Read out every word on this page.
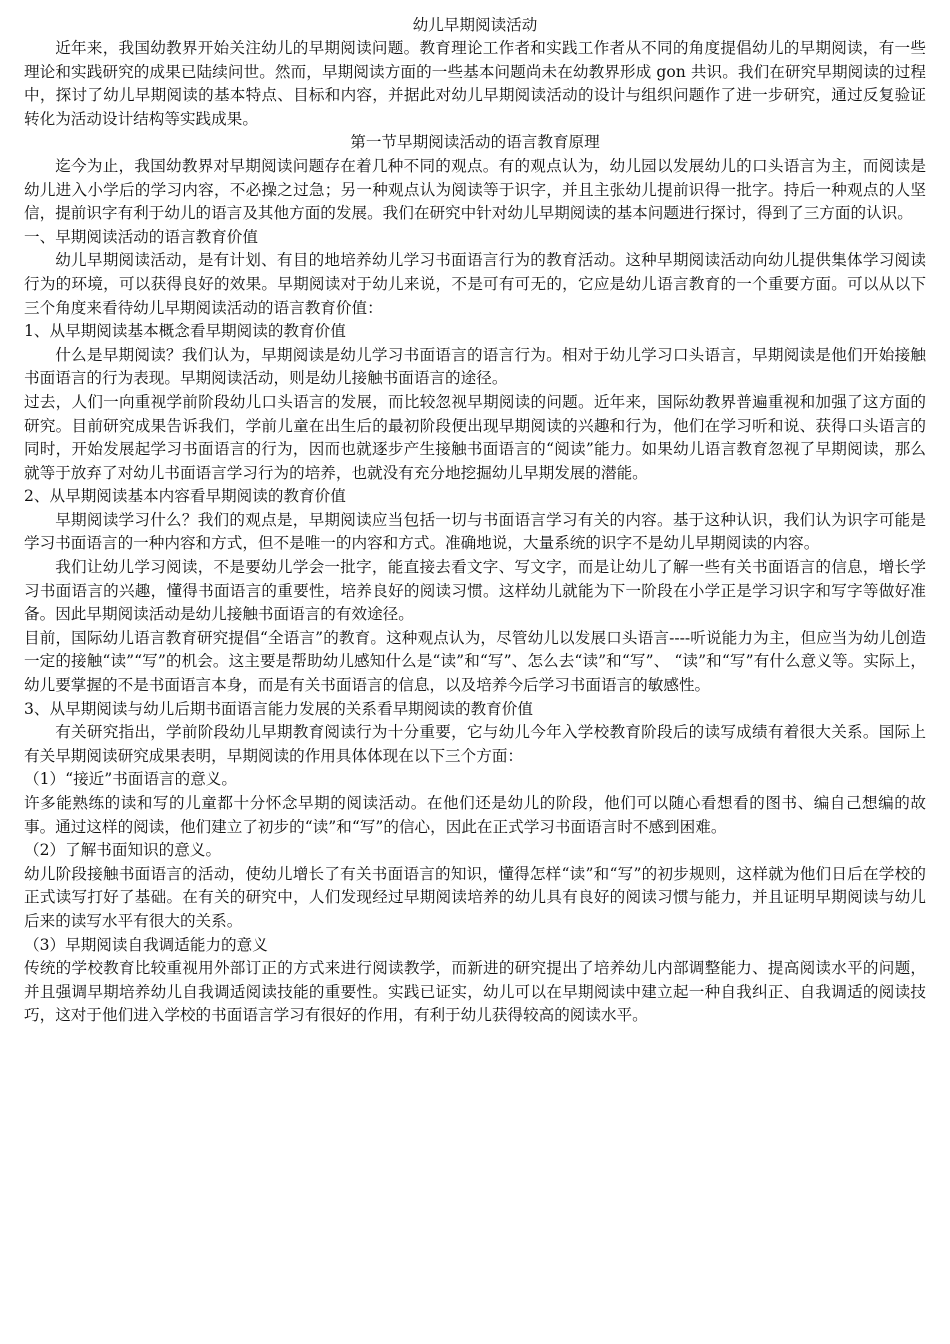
幼儿早期阅读活动

近年来，我国幼教界开始关注幼儿的早期阅读问题。教育理论工作者和实践工作者从不同的角度提倡幼儿的早期阅读，有一些理论和实践研究的成果已陆续问世。然而，早期阅读方面的一些基本问题尚未在幼教界形成 gon 共识。我们在研究早期阅读的过程中，探讨了幼儿早期阅读的基本特点、目标和内容，并据此对幼儿早期阅读活动的设计与组织问题作了进一步研究，通过反复验证转化为活动设计结构等实践成果。

第一节早期阅读活动的语言教育原理

迄今为止，我国幼教界对早期阅读问题存在着几种不同的观点。有的观点认为，幼儿园以发展幼儿的口头语言为主，而阅读是幼儿进入小学后的学习内容，不必操之过急；另一种观点认为阅读等于识字，并且主张幼儿提前识得一批字。持后一种观点的人坚信，提前识字有利于幼儿的语言及其他方面的发展。我们在研究中针对幼儿早期阅读的基本问题进行探讨，得到了三方面的认识。

一、早期阅读活动的语言教育价值

幼儿早期阅读活动，是有计划、有目的地培养幼儿学习书面语言行为的教育活动。这种早期阅读活动向幼儿提供集体学习阅读行为的环境，可以获得良好的效果。早期阅读对于幼儿来说，不是可有可无的，它应是幼儿语言教育的一个重要方面。可以从以下三个角度来看待幼儿早期阅读活动的语言教育价值：

1、从早期阅读基本概念看早期阅读的教育价值

什么是早期阅读？我们认为，早期阅读是幼儿学习书面语言的语言行为。相对于幼儿学习口头语言，早期阅读是他们开始接触书面语言的行为表现。早期阅读活动，则是幼儿接触书面语言的途径。

过去，人们一向重视学前阶段幼儿口头语言的发展，而比较忽视早期阅读的问题。近年来，国际幼教界普遍重视和加强了这方面的研究。目前研究成果告诉我们，学前儿童在出生后的最初阶段便出现早期阅读的兴趣和行为，他们在学习听和说、获得口头语言的同时，开始发展起学习书面语言的行为，因而也就逐步产生接触书面语言的“阅读”能力。如果幼儿语言教育忽视了早期阅读，那么就等于放弃了对幼儿书面语言学习行为的培养，也就没有充分地挖掘幼儿早期发展的潜能。

2、从早期阅读基本内容看早期阅读的教育价值

早期阅读学习什么？我们的观点是，早期阅读应当包括一切与书面语言学习有关的内容。基于这种认识，我们认为识字可能是学习书面语言的一种内容和方式，但不是唯一的内容和方式。准确地说，大量系统的识字不是幼儿早期阅读的内容。

我们让幼儿学习阅读，不是要幼儿学会一批字，能直接去看文字、写文字，而是让幼儿了解一些有关书面语言的信息，增长学习书面语言的兴趣，懂得书面语言的重要性，培养良好的阅读习惯。这样幼儿就能为下一阶段在小学正是学习识字和写字等做好准备。因此早期阅读活动是幼儿接触书面语言的有效途径。

目前，国际幼儿语言教育研究提倡“全语言”的教育。这种观点认为，尽管幼儿以发展口头语言----听说能力为主，但应当为幼儿创造一定的接触“读”“写”的机会。这主要是帮助幼儿感知什么是“读”和“写”、怎么去“读”和“写”、 “读”和“写”有什么意义等。实际上，幼儿要掌握的不是书面语言本身，而是有关书面语言的信息，以及培养今后学习书面语言的敏感性。

3、从早期阅读与幼儿后期书面语言能力发展的关系看早期阅读的教育价值

有关研究指出，学前阶段幼儿早期教育阅读行为十分重要，它与幼儿今年入学校教育阶段后的读写成绩有着很大关系。国际上有关早期阅读研究成果表明，早期阅读的作用具体体现在以下三个方面：

（1）“接近”书面语言的意义。

许多能熟练的读和写的儿童都十分怀念早期的阅读活动。在他们还是幼儿的阶段，他们可以随心看想看的图书、编自己想编的故事。通过这样的阅读，他们建立了初步的“读”和“写”的信心，因此在正式学习书面语言时不感到困难。

（2）了解书面知识的意义。

幼儿阶段接触书面语言的活动，使幼儿增长了有关书面语言的知识，懂得怎样“读”和“写”的初步规则，这样就为他们日后在学校的正式读写打好了基础。在有关的研究中，人们发现经过早期阅读培养的幼儿具有良好的阅读习惯与能力，并且证明早期阅读与幼儿后来的读写水平有很大的关系。

（3）早期阅读自我调适能力的意义

传统的学校教育比较重视用外部订正的方式来进行阅读教学，而新进的研究提出了培养幼儿内部调整能力、提高阅读水平的问题，并且强调早期培养幼儿自我调适阅读技能的重要性。实践已证实，幼儿可以在早期阅读中建立起一种自我纠正、自我调适的阅读技巧，这对于他们进入学校的书面语言学习有很好的作用，有利于幼儿获得较高的阅读水平。
